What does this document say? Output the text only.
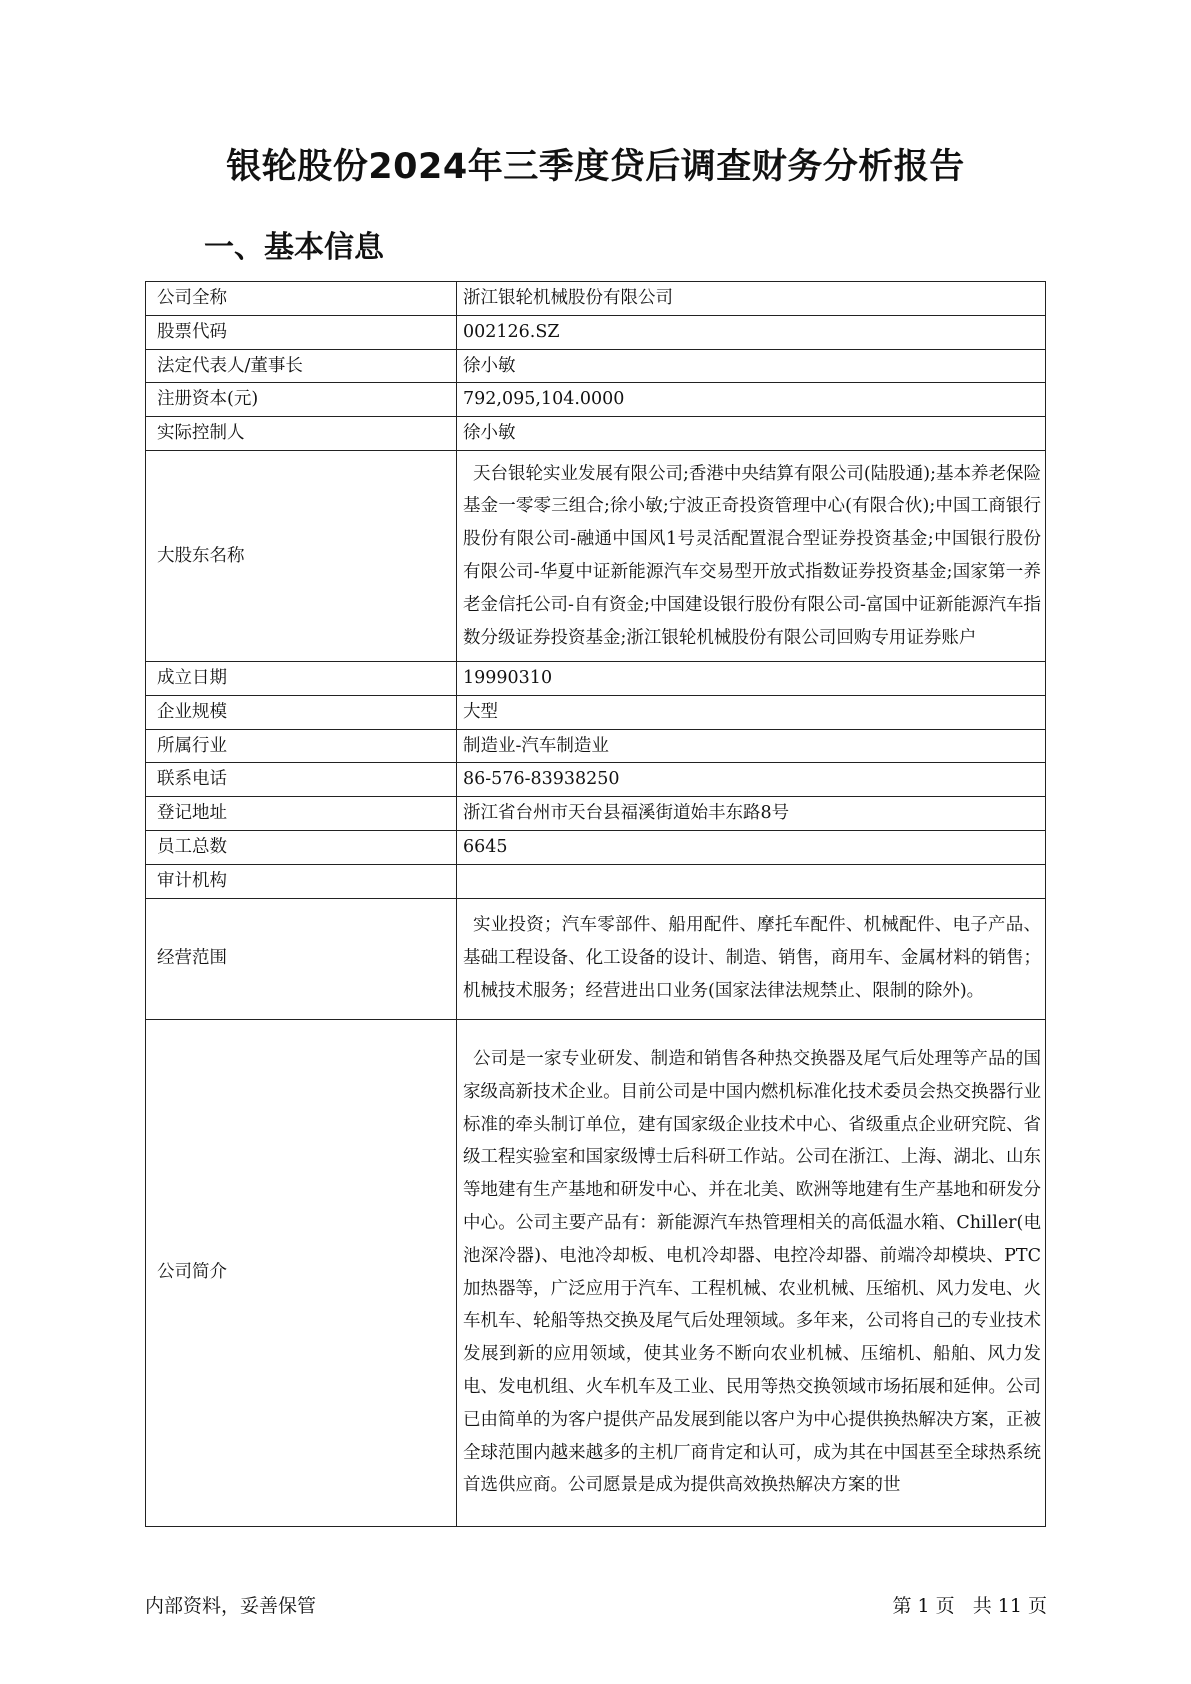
银轮股份2024年三季度贷后调查财务分析报告
一、基本信息
公司全称	浙江银轮机械股份有限公司
股票代码	002126.SZ
法定代表人/董事长	徐小敏
注册资本(元)	792,095,104.0000
实际控制人	徐小敏
大股东名称	天台银轮实业发展有限公司;香港中央结算有限公司(陆股通);基本养老保险基金一零零三组合;徐小敏;宁波正奇投资管理中心(有限合伙);中国工商银行股份有限公司-融通中国风1号灵活配置混合型证券投资基金;中国银行股份有限公司-华夏中证新能源汽车交易型开放式指数证券投资基金;国家第一养老金信托公司-自有资金;中国建设银行股份有限公司-富国中证新能源汽车指数分级证券投资基金;浙江银轮机械股份有限公司回购专用证券账户
成立日期	19990310
企业规模	大型
所属行业	制造业-汽车制造业
联系电话	86-576-83938250
登记地址	浙江省台州市天台县福溪街道始丰东路8号
员工总数	6645
审计机构	
经营范围	实业投资；汽车零部件、船用配件、摩托车配件、机械配件、电子产品、基础工程设备、化工设备的设计、制造、销售，商用车、金属材料的销售；机械技术服务；经营进出口业务(国家法律法规禁止、限制的除外)。
公司简介	公司是一家专业研发、制造和销售各种热交换器及尾气后处理等产品的国家级高新技术企业。目前公司是中国内燃机标准化技术委员会热交换器行业标准的牵头制订单位，建有国家级企业技术中心、省级重点企业研究院、省级工程实验室和国家级博士后科研工作站。公司在浙江、上海、湖北、山东等地建有生产基地和研发中心、并在北美、欧洲等地建有生产基地和研发分中心。公司主要产品有：新能源汽车热管理相关的高低温水箱、Chiller(电池深冷器)、电池冷却板、电机冷却器、电控冷却器、前端冷却模块、PTC加热器等，广泛应用于汽车、工程机械、农业机械、压缩机、风力发电、火车机车、轮船等热交换及尾气后处理领域。多年来，公司将自己的专业技术发展到新的应用领域，使其业务不断向农业机械、压缩机、船舶、风力发电、发电机组、火车机车及工业、民用等热交换领域市场拓展和延伸。公司已由简单的为客户提供产品发展到能以客户为中心提供换热解决方案，正被全球范围内越来越多的主机厂商肯定和认可，成为其在中国甚至全球热系统首选供应商。公司愿景是成为提供高效换热解决方案的世
内部资料，妥善保管	第 1 页   共 11 页
